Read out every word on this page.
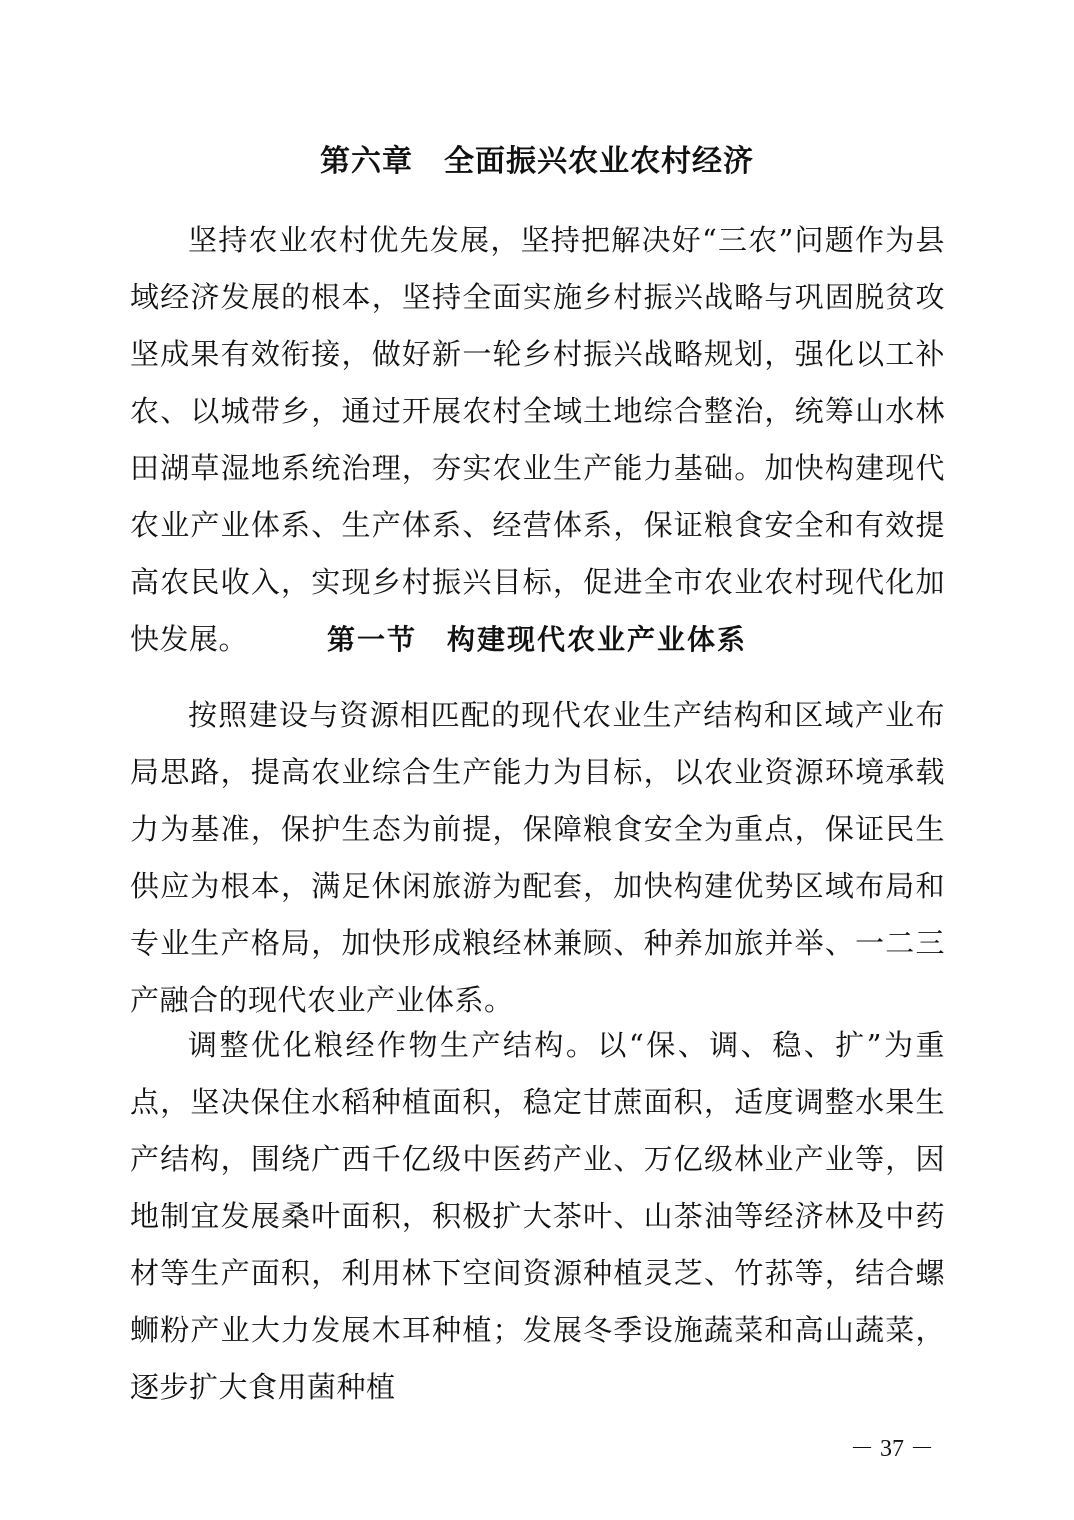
第六章　全面振兴农业农村经济

坚持农业农村优先发展，坚持把解决好“三农”问题作为县域经济发展的根本，坚持全面实施乡村振兴战略与巩固脱贫攻坚成果有效衔接，做好新一轮乡村振兴战略规划，强化以工补农、以城带乡，通过开展农村全域土地综合整治，统筹山水林田湖草湿地系统治理，夯实农业生产能力基础。加快构建现代农业产业体系、生产体系、经营体系，保证粮食安全和有效提高农民收入，实现乡村振兴目标，促进全市农业农村现代化加快发展。	第一节　构建现代农业产业体系

按照建设与资源相匹配的现代农业生产结构和区域产业布局思路，提高农业综合生产能力为目标，以农业资源环境承载力为基准，保护生态为前提，保障粮食安全为重点，保证民生供应为根本，满足休闲旅游为配套，加快构建优势区域布局和专业生产格局，加快形成粮经林兼顾、种养加旅并举、一二三产融合的现代农业产业体系。

调整优化粮经作物生产结构。以“保、调、稳、扩”为重点，坚决保住水稻种植面积，稳定甘蔗面积，适度调整水果生产结构，围绕广西千亿级中医药产业、万亿级林业产业等，因地制宜发展桑叶面积，积极扩大茶叶、山茶油等经济林及中药材等生产面积，利用林下空间资源种植灵芝、竹荪等，结合螺蛳粉产业大力发展木耳种植；发展冬季设施蔬菜和高山蔬菜，逐步扩大食用菌种植

－ 37 －
